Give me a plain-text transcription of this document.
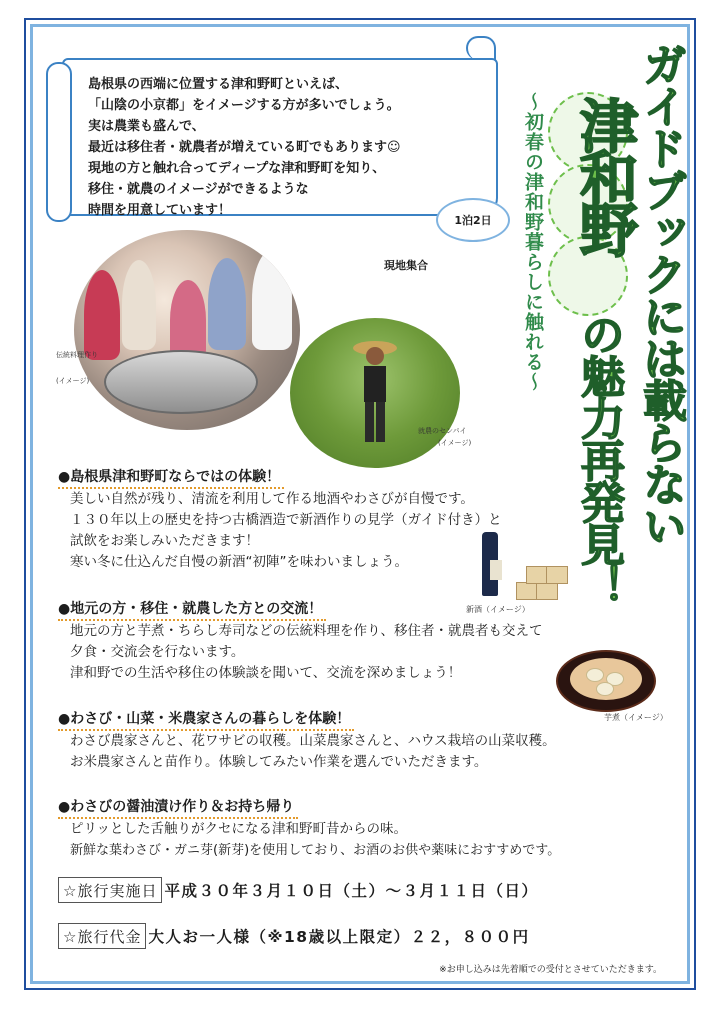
島根県の西端に位置する津和野町といえば、
「山陰の小京都」をイメージする方が多いでしょう。
実は農業も盛んで、
最近は移住者・就農者が増えている町でもあります☺
現地の方と触れ合ってディープな津和野町を知り、
移住・就農のイメージができるような
時間を用意しています！	ガイドブックには載らない
津和野
の魅力再発見！
〜初春の津和野暮らしに触れる〜
1泊2日
現地集合
伝統料理作り
(イメージ)
就農のセンパイ
(イメージ)
●島根県津和野町ならではの体験！
美しい自然が残り、清流を利用して作る地酒やわさびが自慢です。
１３０年以上の歴史を持つ古橋酒造で新酒作りの見学（ガイド付き）と
試飲をお楽しみいただきます！
寒い冬に仕込んだ自慢の新酒“初陣”を味わいましょう。
新酒（イメージ）
●地元の方・移住・就農した方との交流！
地元の方と芋煮・ちらし寿司などの伝統料理を作り、移住者・就農者も交えて
夕食・交流会を行ないます。
津和野での生活や移住の体験談を聞いて、交流を深めましょう！
芋煮（イメージ）
●わさび・山菜・米農家さんの暮らしを体験！
わさび農家さんと、花ワサビの収穫。山菜農家さんと、ハウス栽培の山菜収穫。
お米農家さんと苗作り。体験してみたい作業を選んでいただきます。
●わさびの醤油漬け作り＆お持ち帰り
ピリッとした舌触りがクセになる津和野町昔からの味。
新鮮な葉わさび・ガニ芽(新芽)を使用しており、お酒のお供や薬味におすすめです。
☆旅行実施日 平成３０年３月１０日（土）〜３月１１日（日）
☆旅行代金 大人お一人様（※18歳以上限定）２２，８００円
※お申し込みは先着順での受付とさせていただきます。
